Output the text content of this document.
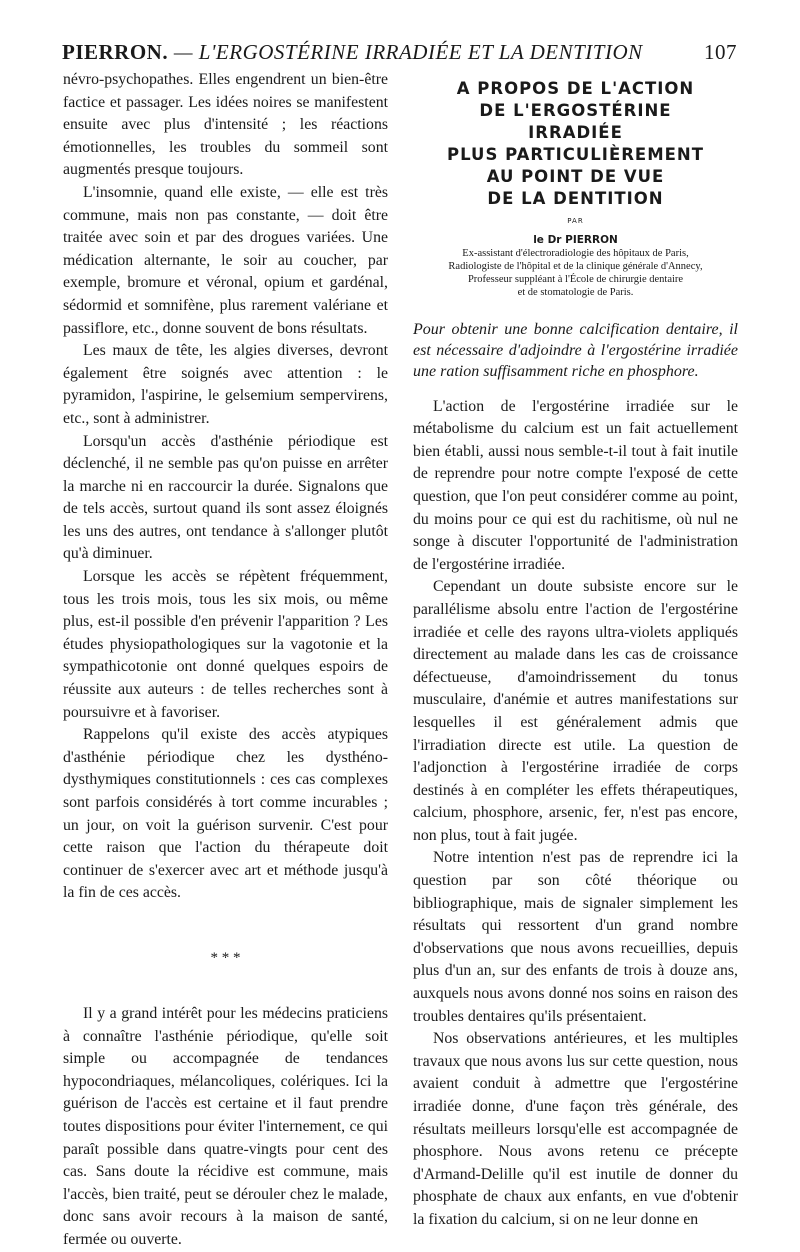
PIERRON. — L'ERGOSTÉRINE IRRADIÉE ET LA DENTITION	107

névro-psychopathes. Elles engendrent un bien-être factice et passager. Les idées noires se manifestent ensuite avec plus d'intensité ; les réactions émotionnelles, les troubles du sommeil sont augmentés presque toujours.

L'insomnie, quand elle existe, — elle est très commune, mais non pas constante, — doit être traitée avec soin et par des drogues variées. Une médication alternante, le soir au coucher, par exemple, bromure et véronal, opium et gardénal, sédormid et somnifène, plus rarement valériane et passiflore, etc., donne souvent de bons résultats.

Les maux de tête, les algies diverses, devront également être soignés avec attention : le pyramidon, l'aspirine, le gelsemium sempervirens, etc., sont à administrer.

Lorsqu'un accès d'asthénie périodique est déclenché, il ne semble pas qu'on puisse en arrêter la marche ni en raccourcir la durée. Signalons que de tels accès, surtout quand ils sont assez éloignés les uns des autres, ont tendance à s'allonger plutôt qu'à diminuer.

Lorsque les accès se répètent fréquemment, tous les trois mois, tous les six mois, ou même plus, est-il possible d'en prévenir l'apparition ? Les études physiopathologiques sur la vagotonie et la sympathicotonie ont donné quelques espoirs de réussite aux auteurs : de telles recherches sont à poursuivre et à favoriser.

Rappelons qu'il existe des accès atypiques d'asthénie périodique chez les dysthéno-dysthymiques constitutionnels : ces cas complexes sont parfois considérés à tort comme incurables ; un jour, on voit la guérison survenir. C'est pour cette raison que l'action du thérapeute doit continuer de s'exercer avec art et méthode jusqu'à la fin de ces accès.

* * *

Il y a grand intérêt pour les médecins praticiens à connaître l'asthénie périodique, qu'elle soit simple ou accompagnée de tendances hypocondriaques, mélancoliques, colériques. Ici la guérison de l'accès est certaine et il faut prendre toutes dispositions pour éviter l'internement, ce qui paraît possible dans quatre-vingts pour cent des cas. Sans doute la récidive est commune, mais l'accès, bien traité, peut se dérouler chez le malade, donc sans avoir recours à la maison de santé, fermée ou ouverte.

A PROPOS DE L'ACTION

DE L'ERGOSTÉRINE

IRRADIÉE

PLUS PARTICULIÈREMENT

AU POINT DE VUE

DE LA DENTITION

PAR

le Dr PIERRON

Ex-assistant d'électroradiologie des hôpitaux de Paris,

Radiologiste de l'hôpital et de la clinique générale d'Annecy,

Professeur suppléant à l'École de chirurgie dentaire

et de stomatologie de Paris.

Pour obtenir une bonne calcification dentaire, il est nécessaire d'adjoindre à l'ergostérine irradiée une ration suffisamment riche en phosphore.

L'action de l'ergostérine irradiée sur le métabolisme du calcium est un fait actuellement bien établi, aussi nous semble-t-il tout à fait inutile de reprendre pour notre compte l'exposé de cette question, que l'on peut considérer comme au point, du moins pour ce qui est du rachitisme, où nul ne songe à discuter l'opportunité de l'administration de l'ergostérine irradiée.

Cependant un doute subsiste encore sur le parallélisme absolu entre l'action de l'ergostérine irradiée et celle des rayons ultra-violets appliqués directement au malade dans les cas de croissance défectueuse, d'amoindrissement du tonus musculaire, d'anémie et autres manifestations sur lesquelles il est généralement admis que l'irradiation directe est utile. La question de l'adjonction à l'ergostérine irradiée de corps destinés à en compléter les effets thérapeutiques, calcium, phosphore, arsenic, fer, n'est pas encore, non plus, tout à fait jugée.

Notre intention n'est pas de reprendre ici la question par son côté théorique ou bibliographique, mais de signaler simplement les résultats qui ressortent d'un grand nombre d'observations que nous avons recueillies, depuis plus d'un an, sur des enfants de trois à douze ans, auxquels nous avons donné nos soins en raison des troubles dentaires qu'ils présentaient.

Nos observations antérieures, et les multiples travaux que nous avons lus sur cette question, nous avaient conduit à admettre que l'ergostérine irradiée donne, d'une façon très générale, des résultats meilleurs lorsqu'elle est accompagnée de phosphore. Nous avons retenu ce précepte d'Armand-Delille qu'il est inutile de donner du phosphate de chaux aux enfants, en vue d'obtenir la fixation du calcium, si on ne leur donne en
